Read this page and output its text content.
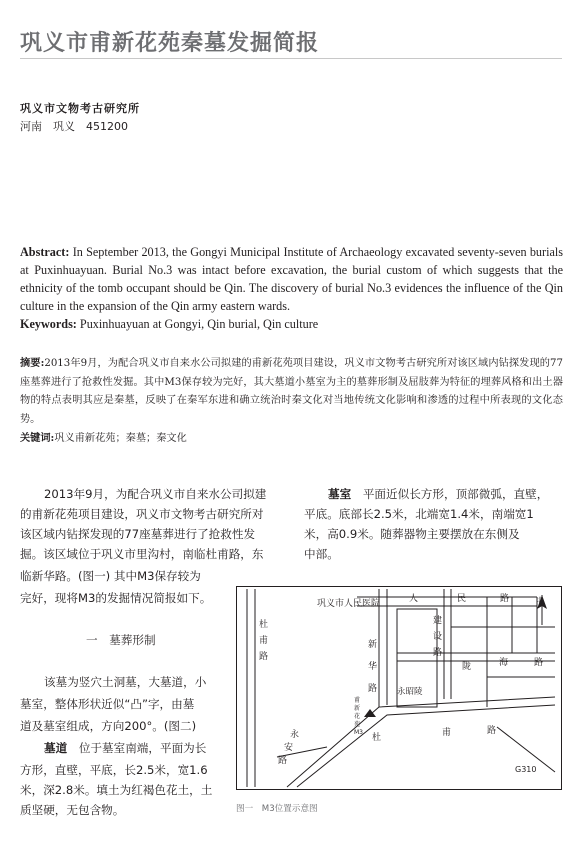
巩义市甫新花苑秦墓发掘简报
巩义市文物考古研究所
河南　巩义　451200
Abstract: In September 2013, the Gongyi Municipal Institute of Archaeology excavated seventy-seven burials at Puxinhuayuan. Burial No.3 was intact before excavation, the burial custom of which suggests that the ethnicity of the tomb occupant should be Qin. The discovery of burial No.3 evidences the influence of the Qin culture in the expansion of the Qin army eastern wards.
Keywords: Puxinhuayuan at Gongyi, Qin burial, Qin culture
摘要:2013年9月，为配合巩义市自来水公司拟建的甫新花苑项目建设，巩义市文物考古研究所对该区域内钻探发现的77座墓葬进行了抢救性发掘。其中M3保存较为完好，其大墓道小墓室为主的墓葬形制及屈肢葬为特征的埋葬风格和出土器物的特点表明其应是秦墓，反映了在秦军东进和确立统治时秦文化对当地传统文化影响和渗透的过程中所表现的文化态势。
关键词:巩义甫新花苑；秦墓；秦文化
2013年9月，为配合巩义市自来水公司拟建
的甫新花苑项目建设，巩义市文物考古研究所对
该区域内钻探发现的77座墓葬进行了抢救性发
掘。该区域位于巩义市里沟村，南临杜甫路，东
临新华路。(图一) 其中M3保存较为
完好，现将M3的发掘情况简报如下。
一　墓葬形制
该墓为竖穴土洞墓，大墓道，小
墓室，整体形状近似“凸”字，由墓
道及墓室组成，方向200°。(图二)
墓道　 位于墓室南端，平面为长
方形，直壁，平底，长2.5米，宽1.6
米，深2.8米。填土为红褐色花土，土
质坚硬，无包含物。
墓室　 平面近似长方形，顶部微弧，直壁，
平底。底部长2.5米，北端宽1.4米，南端宽1
米，高0.9米。随葬器物主要摆放在东侧及
中部。
巩义市人民医院	人	民	路
建
设
路
陇	海	路
杜
甫
路
新
华
路 永昭陵
甫
新
花
苑
M3
杜	甫	路
永
安
路
G310
北
图一　M3位置示意图
